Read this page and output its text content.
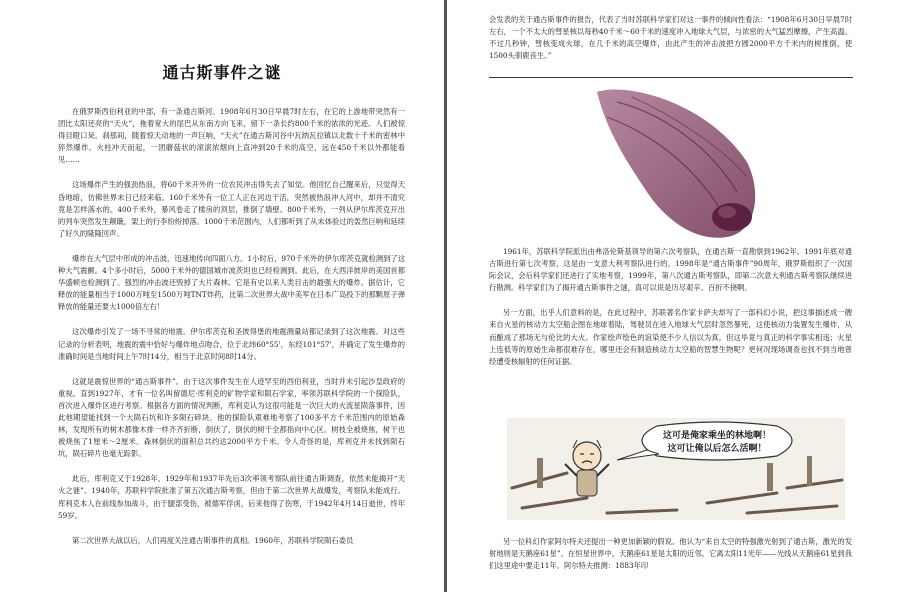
通古斯事件之谜

在俄罗斯西伯利亚的中部，有一条通古斯河。1908年6月30日早晨7时左右，在它的上游地带突然有一团比太阳还亮的“天火”，拖着宽大的尾巴从东南方向飞来，留下一条长约800千米的浓浓的光迹。人们被惊得目瞪口呆。刹那间，随着惊天动地的一声巨响，“天火”在通古斯河谷中瓦纳瓦拉镇以北数十千米的密林中猝然爆炸。火柱冲天而起，一团蘑菇状的滚滚浓烟向上直冲到20千米的高空，远在450千米以外都能看见……

这场爆炸产生的强劲热浪，将60千米开外的一位农民冲击得失去了知觉。他回忆自己醒来后，只觉得天昏地暗，仿佛世界末日已经来临。160千米外有一位工人正在河边干活，突然被热浪冲入河中，却并不清究竟是怎样落水的。400千米外，暴风卷走了楼房的顶层，推倒了墙壁。800千米外，一列从伊尔库茨克开出的列车突然发生颠簸，架上的行李纷纷掉落。1000千米范围内，人们都听到了从未体验过的轰然巨响和延续了好久的隆隆回声。

爆炸在大气层中形成的冲击波，迅速地传向四面八方。1小时后，970千米外的伊尔库茨克就检测到了这种大气震颤。4个多小时后，5000千米外的德国城市波茨坦也已经检测到。此后，在大西洋彼岸的美国首都华盛顿也检测到了。强烈的冲击波还毁掉了大片森林。它是有史以来人类目击的最强大的爆炸。据估计，它释放的能量相当于1000万吨至1500万吨TNT炸药，比第二次世界大战中美军在日本广岛投下的那颗原子弹释放的能量还要大1000倍左右！

这次爆炸引发了一场不寻常的地震。伊尔库茨克和圣彼得堡的地震测量站都记录到了这次地震。对这些记录的分析表明，地震的震中恰好与爆炸地点吻合，位于北纬60°55'，东经101°57'，并确定了发生爆炸的准确时间是当地时间上午7时14分，相当于北京时间8时14分。

这就是震惊世界的“通古斯事件”。由于这次事件发生在人迹罕至的西伯利亚，当时并未引起沙皇政府的重视。直到1927年，才有一位名叫留德尼·库利克的矿物学家和陨石学家，率领苏联科学院的一个探险队，首次进入爆炸区进行考察。根据各方面的情况判断，库利克认为这很可能是一次巨大的火流星陨落事件，因此他期望能找到一个大陨石坑和许多陨石碎块。他的探险队艰难地考察了100多平方千米范围内的原始森林，发现所有的树木都像木排一样齐齐折断，倒伏了，倒伏的树干全都指向中心区。树枝全被烧焦，树干也被烧焦了1厘米～2厘米。森林倒伏的面积总共约达2000平方千米。令人奇怪的是，库利克并未找到陨石坑，陨石碎片也毫无踪影。

此后，库利克又于1928年、1929年和1937年先后3次率领考察队前往通古斯调查，依然未能揭开“天火之谜”。1940年，苏联科学院批准了第五次通古斯考察，但由于第二次世界大战爆发，考察队未能成行。库利克本人在前线参加战斗，由于腿部受伤，被德军俘虏，后来他得了伤寒，于1942年4月14日逝世，终年59岁。

第二次世界大战以后，人们再度关注通古斯事件的真相。1960年，苏联科学院陨石委员

会发表的关于通古斯事件的报告，代表了当时苏联科学家们对这一事件的倾向性看法：“1908年6月30日早晨7时左右，一个不太大的彗星核以每秒40千米～60千米的速度冲入地球大气层，与浓密的大气猛烈摩擦，产生高温。不过几秒钟，彗核变成火球，在几千米的高空爆炸，由此产生的冲击波把方圆2000平方千米内的树推倒，使1500头驯鹿丧生。”

1961年，苏联科学院派出由弗洛伦斯基领导的第六次考察队，在通古斯一直勘察到1962年。1991年底对通古斯进行第七次考察，这是由一支意大利考察队进行的。1998年是“通古斯事件”90周年，俄罗斯组织了一次国际会议，会后科学家们还进行了实地考察，1999年，第八次通古斯考察队，即第二次意大利通古斯考察队继续进行勘测。科学家们为了揭开通古斯事件之谜，真可以说是历尽艰辛、百折不挠啊。

另一方面，出乎人们意料的是，在此过程中，苏联著名作家卡萨夫却写了一部科幻小说，把这事描述成一艘来自火星的核动力太空船企图在地球着陆，驾驶员在进入地球大气层时忽然暴死，这使核动力装置发生爆炸，从而酿成了那场无与伦比的大火。作家绘声绘色的谊染使不少人信以为真，但这毕竟与真正的科学事实相违；火星上连低等的原始生命都很难存在，哪里还会有制造核动力太空船的智慧生物呢？更何况现场调查也找不到当地曾经遭受核辐射的任何证据。

这可是俺家乘坐的林地啊！
这可让俺以后怎么活啊！

另一位科幻作家阿尔特夫还提出一种更加新颖的假说。他认为“来自太空的特强激光射到了通古斯，激光的发射地则是天鹅座61星”。在恒星世界中，天鹅座61星是太阳的近邻。它离太阳11光年——光线从天鹅座61星到我们这里途中要走11年。阿尔特夫推测：1883年印
